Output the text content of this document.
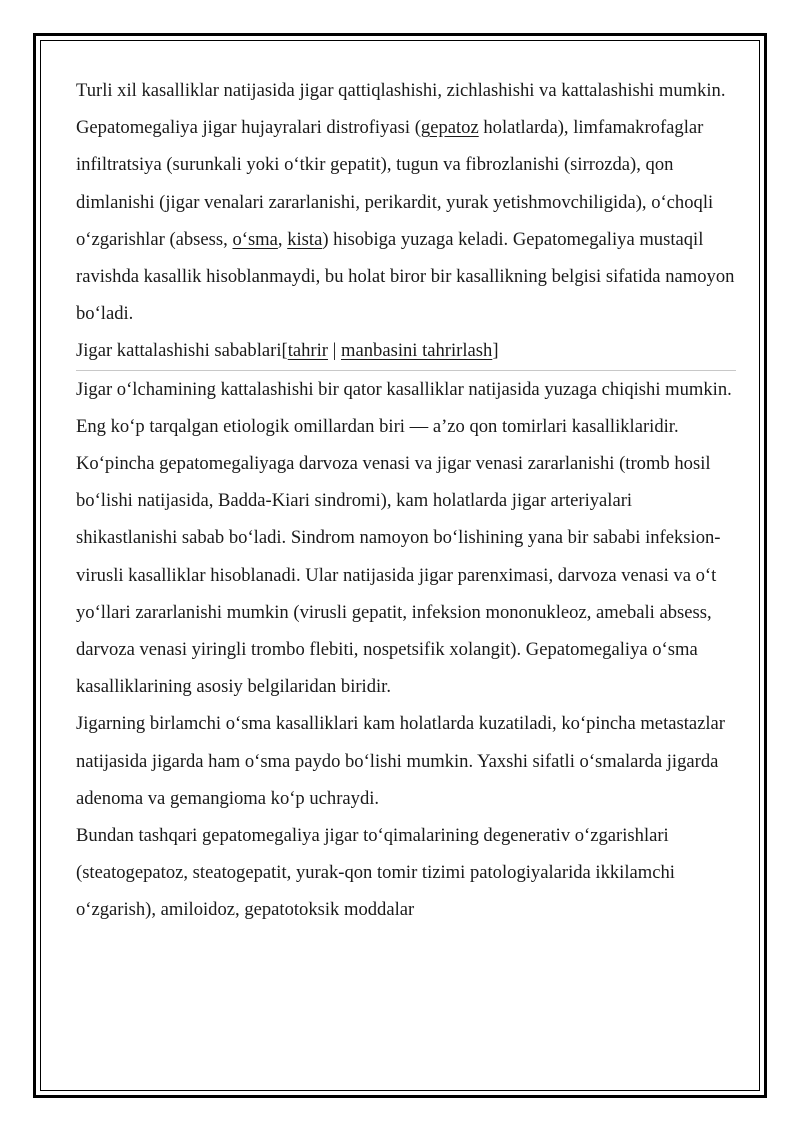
Turli xil kasalliklar natijasida jigar qattiqlashishi, zichlashishi va kattalashishi mumkin. Gepatomegaliya jigar hujayralari distrofiyasi (gepatoz holatlarda), limfamakrofaglar infiltratsiya (surunkali yoki o‘tkir gepatit), tugun va fibrozlanishi (sirrozda), qon dimlanishi (jigar venalari zararlanishi, perikardit, yurak yetishmovchiligida), o‘choqli o‘zgarishlar (absess, o‘sma, kista) hisobiga yuzaga keladi. Gepatomegaliya mustaqil ravishda kasallik hisoblanmaydi, bu holat biror bir kasallikning belgisi sifatida namoyon bo‘ladi.

Jigar kattalashishi sabablari[tahrir | manbasini tahrirlash]

Jigar o‘lchamining kattalashishi bir qator kasalliklar natijasida yuzaga chiqishi mumkin. Eng ko‘p tarqalgan etiologik omillardan biri — a’zo qon tomirlari kasalliklaridir. Ko‘pincha gepatomegaliyaga darvoza venasi va jigar venasi zararlanishi (tromb hosil bo‘lishi natijasida, Badda-Kiari sindromi), kam holatlarda jigar arteriyalari shikastlanishi sabab bo‘ladi. Sindrom namoyon bo‘lishining yana bir sababi infeksion-virusli kasalliklar hisoblanadi. Ular natijasida jigar parenximasi, darvoza venasi va o‘t yo‘llari zararlanishi mumkin (virusli gepatit, infeksion mononukleoz, amebali absess, darvoza venasi yiringli trombo flebiti, nospetsifik xolangit). Gepatomegaliya o‘sma kasalliklarining asosiy belgilaridan biridir.

Jigarning birlamchi o‘sma kasalliklari kam holatlarda kuzatiladi, ko‘pincha metastazlar natijasida jigarda ham o‘sma paydo bo‘lishi mumkin. Yaxshi sifatli o‘smalarda jigarda adenoma va gemangioma ko‘p uchraydi.

Bundan tashqari gepatomegaliya jigar to‘qimalarining degenerativ o‘zgarishlari (steatogepatoz, steatogepatit, yurak-qon tomir tizimi patologiyalarida ikkilamchi o‘zgarish), amiloidoz, gepatotoksik moddalar
